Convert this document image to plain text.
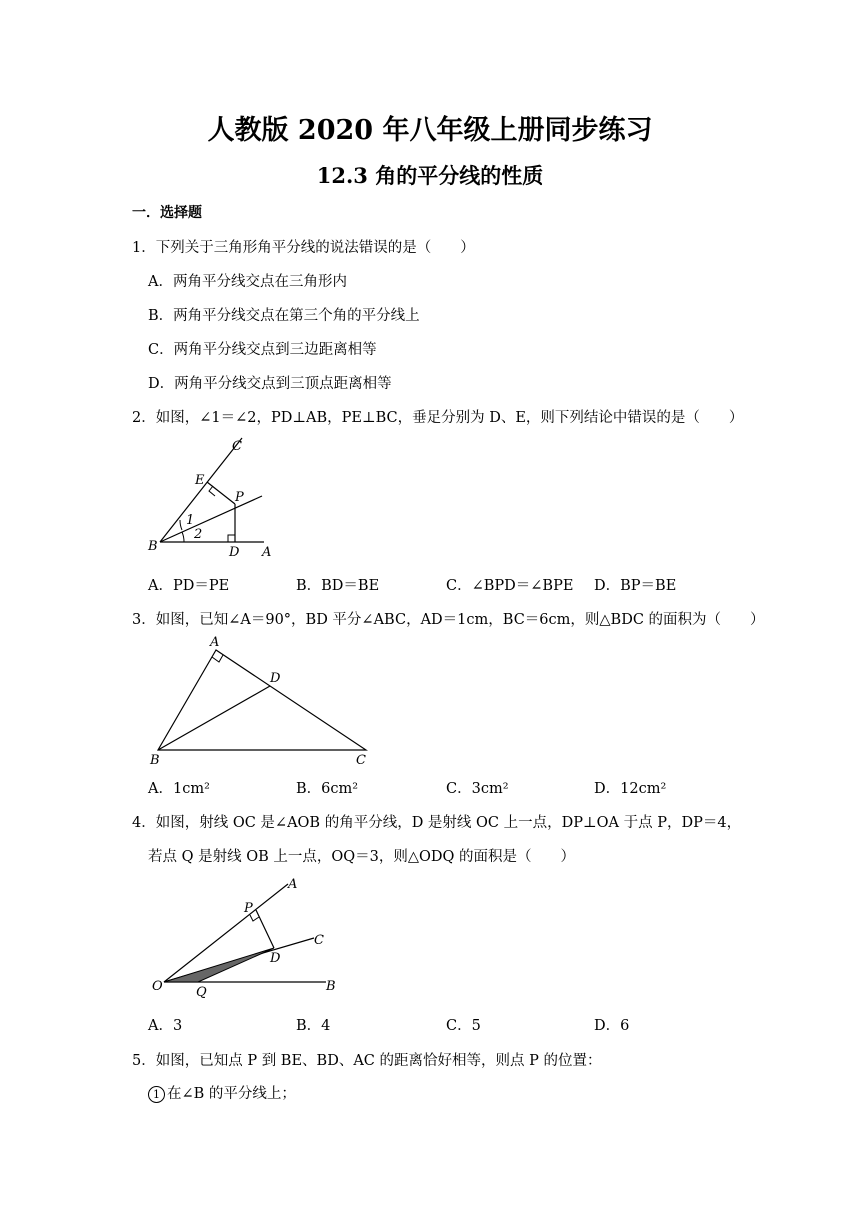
人教版 2020 年八年级上册同步练习
12.3 角的平分线的性质
一．选择题
1．下列关于三角形角平分线的说法错误的是（　　）
A．两角平分线交点在三角形内
B．两角平分线交点在第三个角的平分线上
C．两角平分线交点到三边距离相等
D．两角平分线交点到三顶点距离相等
2．如图，∠1＝∠2，PD⊥AB，PE⊥BC，垂足分别为 D、E，则下列结论中错误的是（　　）
C
E
P
1
2
B	D A
A．PD＝PE	B．BD＝BE	C．∠BPD＝∠BPE D．BP＝BE
3．如图，已知∠A＝90°，BD 平分∠ABC，AD＝1cm，BC＝6cm，则△BDC 的面积为（　　）
A
D
B	C
A．1cm²	B．6cm²	C．3cm²	D．12cm²
4．如图，射线 OC 是∠AOB 的角平分线，D 是射线 OC 上一点，DP⊥OA 于点 P，DP＝4，
若点 Q 是射线 OB 上一点，OQ＝3，则△ODQ 的面积是（　　）
A
P
C
D
O	Q	B
A．3	B．4	C．5	D．6
5．如图，已知点 P 到 BE、BD、AC 的距离恰好相等，则点 P 的位置：
1 在∠B 的平分线上；
